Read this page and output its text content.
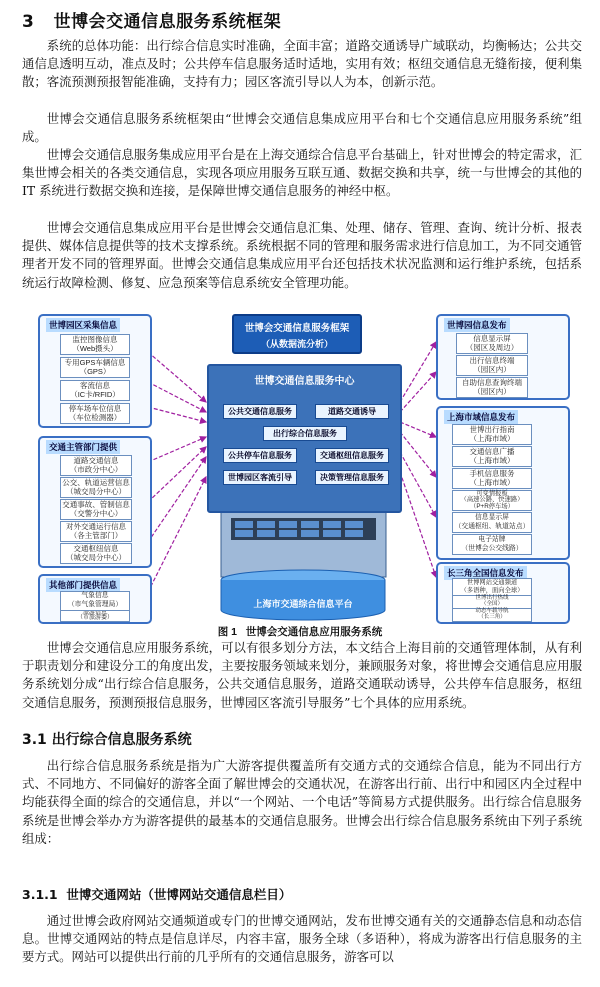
3 世博会交通信息服务系统框架

系统的总体功能：出行综合信息实时准确，全面丰富；道路交通诱导广域联动，均衡畅达；公共交通信息透明互动，准点及时；公共停车信息服务适时适地，实用有效；枢纽交通信息无缝衔接，便利集散；客流预测预报智能准确，支持有力；园区客流引导以人为本，创新示范。

世博会交通信息服务系统框架由“世博会交通信息集成应用平台和七个交通信息应用服务系统”组成。

世博会交通信息服务集成应用平台是在上海交通综合信息平台基础上，针对世博会的特定需求，汇集世博会相关的各类交通信息，实现各项应用服务互联互通、数据交换和共享，统一与世博会的其他的 IT 系统进行数据交换和连接，是保障世博交通信息服务的神经中枢。

世博会交通信息集成应用平台是世博会交通信息汇集、处理、储存、管理、查询、统计分析、报表提供、媒体信息提供等的技术支撑系统。系统根据不同的管理和服务需求进行信息加工，为不同交通管理者开发不同的管理界面。世博会交通信息集成应用平台还包括技术状况监测和运行维护系统，包括系统运行故障检测、修复、应急预案等信息系统安全管理功能。

世博会交通信息服务框架
（从数据流分析）
世博交通信息服务中心
公共交通信息服务	道路交通诱导
出行综合信息服务
公共停车信息服务	交通枢纽信息服务
世博园区客流引导	决策管理信息服务
上海市交通综合信息平台
世博园区采集信息
监控图像信息
（Web摄头）
专用GPS车辆信息
（GPS）
客流信息
（IC卡/RFID）
停车场车位信息
（车位检测器）
交通主管部门提供
道路交通信息
（市政分中心）
公交、轨道运营信息
（城交局分中心）
交通事故、管制信息
（交警分中心）
对外交通运行信息
（各主管部门）
交通枢纽信息
（城交局分中心）
其他部门提供信息
气象信息
（市气象管理局）
旅游信息
（市旅游委）
世博园信息发布
信息显示屏
（园区及周边）
出行信息终端
（园区内）
自助信息查询终端
（园区内）
上海市域信息发布
世博出行指南
（上海市域）
交通信息广播
（上海市域）
手机信息服务
（上海市域）
可变情报板
（高速公路、快速路）
（P+R停车场）
信息显示屏
（交通枢纽、轨道站点）
电子站牌
（世博会公交线路）
长三角全国信息发布
世博网站交通频道
（多语种，面向全球）
世博出行热线
（全国）
动态车载导航
（长三角）
图 1 世博会交通信息应用服务系统

世博会交通信息应用服务系统，可以有很多划分方法，本文结合上海目前的交通管理体制，从有利于职责划分和建设分工的角度出发，主要按服务领域来划分，兼顾服务对象，将世博会交通信息应用服务系统划分成“出行综合信息服务，公共交通信息服务，道路交通联动诱导，公共停车信息服务，枢纽交通信息服务，预测预报信息服务，世博园区客流引导服务”七个具体的应用系统。

3.1 出行综合信息服务系统

出行综合信息服务系统是指为广大游客提供覆盖所有交通方式的交通综合信息，能为不同出行方式、不同地方、不同偏好的游客全面了解世博会的交通状况，在游客出行前、出行中和园区内全过程中均能获得全面的综合的交通信息，并以“一个网站、一个电话”等简易方式提供服务。出行综合信息服务系统是世博会举办方为游客提供的最基本的交通信息服务。世博会出行综合信息服务系统由下列子系统组成：

3.1.1 世博交通网站（世博网站交通信息栏目）

通过世博会政府网站交通频道或专门的世博交通网站，发布世博交通有关的交通静态信息和动态信息。世博交通网站的特点是信息详尽，内容丰富，服务全球（多语种），将成为游客出行信息服务的主要方式。网站可以提供出行前的几乎所有的交通信息服务，游客可以
